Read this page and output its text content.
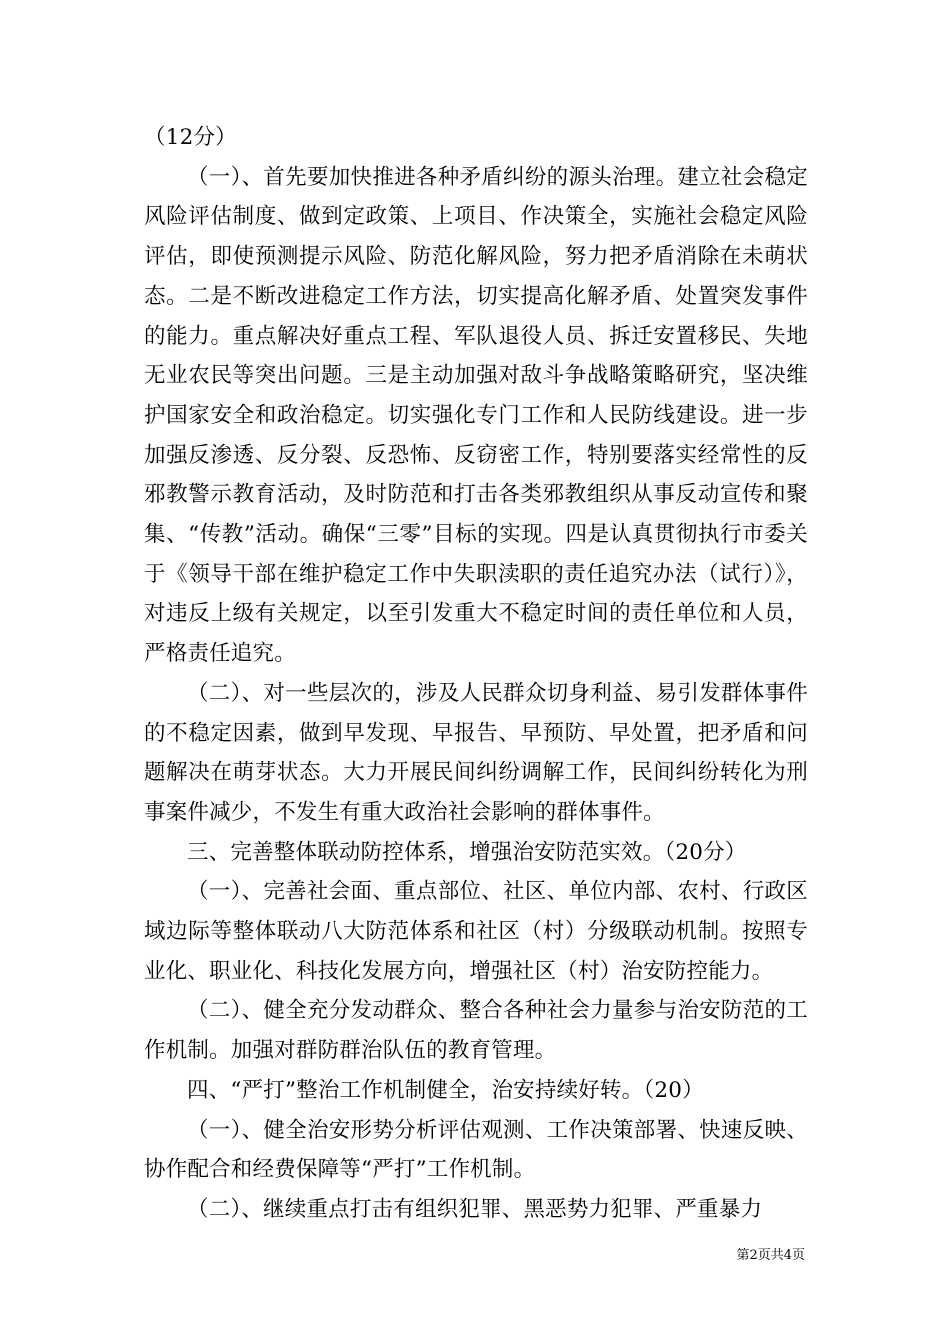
（12分）

（一）、首先要加快推进各种矛盾纠纷的源头治理。建立社会稳定风险评估制度、做到定政策、上项目、作决策全，实施社会稳定风险评估，即使预测提示风险、防范化解风险，努力把矛盾消除在未萌状态。二是不断改进稳定工作方法，切实提高化解矛盾、处置突发事件的能力。重点解决好重点工程、军队退役人员、拆迁安置移民、失地无业农民等突出问题。三是主动加强对敌斗争战略策略研究，坚决维护国家安全和政治稳定。切实强化专门工作和人民防线建设。进一步加强反渗透、反分裂、反恐怖、反窃密工作，特别要落实经常性的反邪教警示教育活动，及时防范和打击各类邪教组织从事反动宣传和聚集、“传教”活动。确保“三零”目标的实现。四是认真贯彻执行市委关于《领导干部在维护稳定工作中失职渎职的责任追究办法（试行）》，对违反上级有关规定，以至引发重大不稳定时间的责任单位和人员，严格责任追究。

（二）、对一些层次的，涉及人民群众切身利益、易引发群体事件的不稳定因素，做到早发现、早报告、早预防、早处置，把矛盾和问题解决在萌芽状态。大力开展民间纠纷调解工作，民间纠纷转化为刑事案件减少，不发生有重大政治社会影响的群体事件。

三、完善整体联动防控体系，增强治安防范实效。（20分）

（一）、完善社会面、重点部位、社区、单位内部、农村、行政区域边际等整体联动八大防范体系和社区（村）分级联动机制。按照专业化、职业化、科技化发展方向，增强社区（村）治安防控能力。

（二）、健全充分发动群众、整合各种社会力量参与治安防范的工作机制。加强对群防群治队伍的教育管理。

四、“严打”整治工作机制健全，治安持续好转。（20）

（一）、健全治安形势分析评估观测、工作决策部署、快速反映、协作配合和经费保障等“严打”工作机制。

（二）、继续重点打击有组织犯罪、黑恶势力犯罪、严重暴力

第2页共4页
